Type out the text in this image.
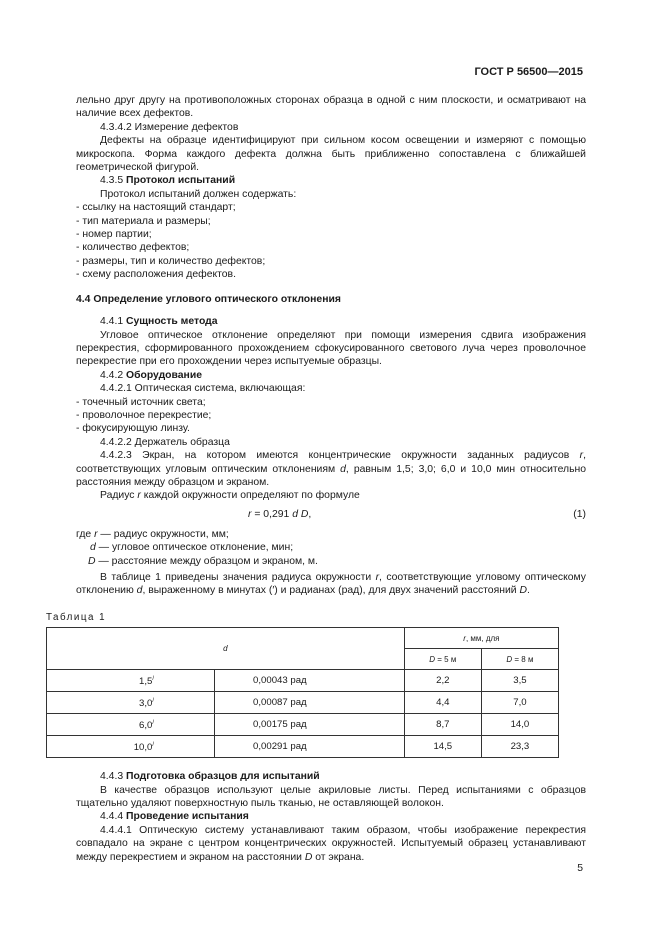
ГОСТ Р 56500—2015

лельно друг другу на противоположных сторонах образца в одной с ним плоскости, и осматривают на наличие всех дефектов.

4.3.4.2 Измерение дефектов

Дефекты на образце идентифицируют при сильном косом освещении и измеряют с помощью микроскопа. Форма каждого дефекта должна быть приближенно сопоставлена с ближайшей геометрической фигурой.

4.3.5 Протокол испытаний

Протокол испытаний должен содержать:

- ссылку на настоящий стандарт;

- тип материала и размеры;

- номер партии;

- количество дефектов;

- размеры, тип и количество дефектов;

- схему расположения дефектов.

4.4 Определение углового оптического отклонения

4.4.1 Сущность метода

Угловое оптическое отклонение определяют при помощи измерения сдвига изображения перекрестия, сформированного прохождением сфокусированного светового луча через проволочное перекрестие при его прохождении через испытуемые образцы.

4.4.2 Оборудование

4.4.2.1 Оптическая система, включающая:

- точечный источник света;

- проволочное перекрестие;

- фокусирующую линзу.

4.4.2.2 Держатель образца

4.4.2.3 Экран, на котором имеются концентрические окружности заданных радиусов r, соответствующих угловым оптическим отклонениям d, равным 1,5; 3,0; 6,0 и 10,0 мин относительно расстояния между образцом и экраном.

Радиус r каждой окружности определяют по формуле

r = 0,291 d D,	(1)

где r — радиус окружности, мм;

d — угловое оптическое отклонение, мин;

D — расстояние между образцом и экраном, м.

В таблице 1 приведены значения радиуса окружности r, соответствующие угловому оптическому отклонению d, выраженному в минутах (′) и радианах (рад), для двух значений расстояний D.

Таблица 1

d		r, мм, для	
		D = 5 м	D = 8 м
1,5/	0,00043 рад	2,2	3,5
3,0/	0,00087 рад	4,4	7,0
6,0/	0,00175 рад	8,7	14,0
10,0/	0,00291 рад	14,5	23,3

4.4.3 Подготовка образцов для испытаний

В качестве образцов используют целые акриловые листы. Перед испытаниями с образцов тщательно удаляют поверхностную пыль тканью, не оставляющей волокон.

4.4.4 Проведение испытания

4.4.4.1 Оптическую систему устанавливают таким образом, чтобы изображение перекрестия совпадало на экране с центром концентрических окружностей. Испытуемый образец устанавливают между перекрестием и экраном на расстоянии D от экрана.

5
